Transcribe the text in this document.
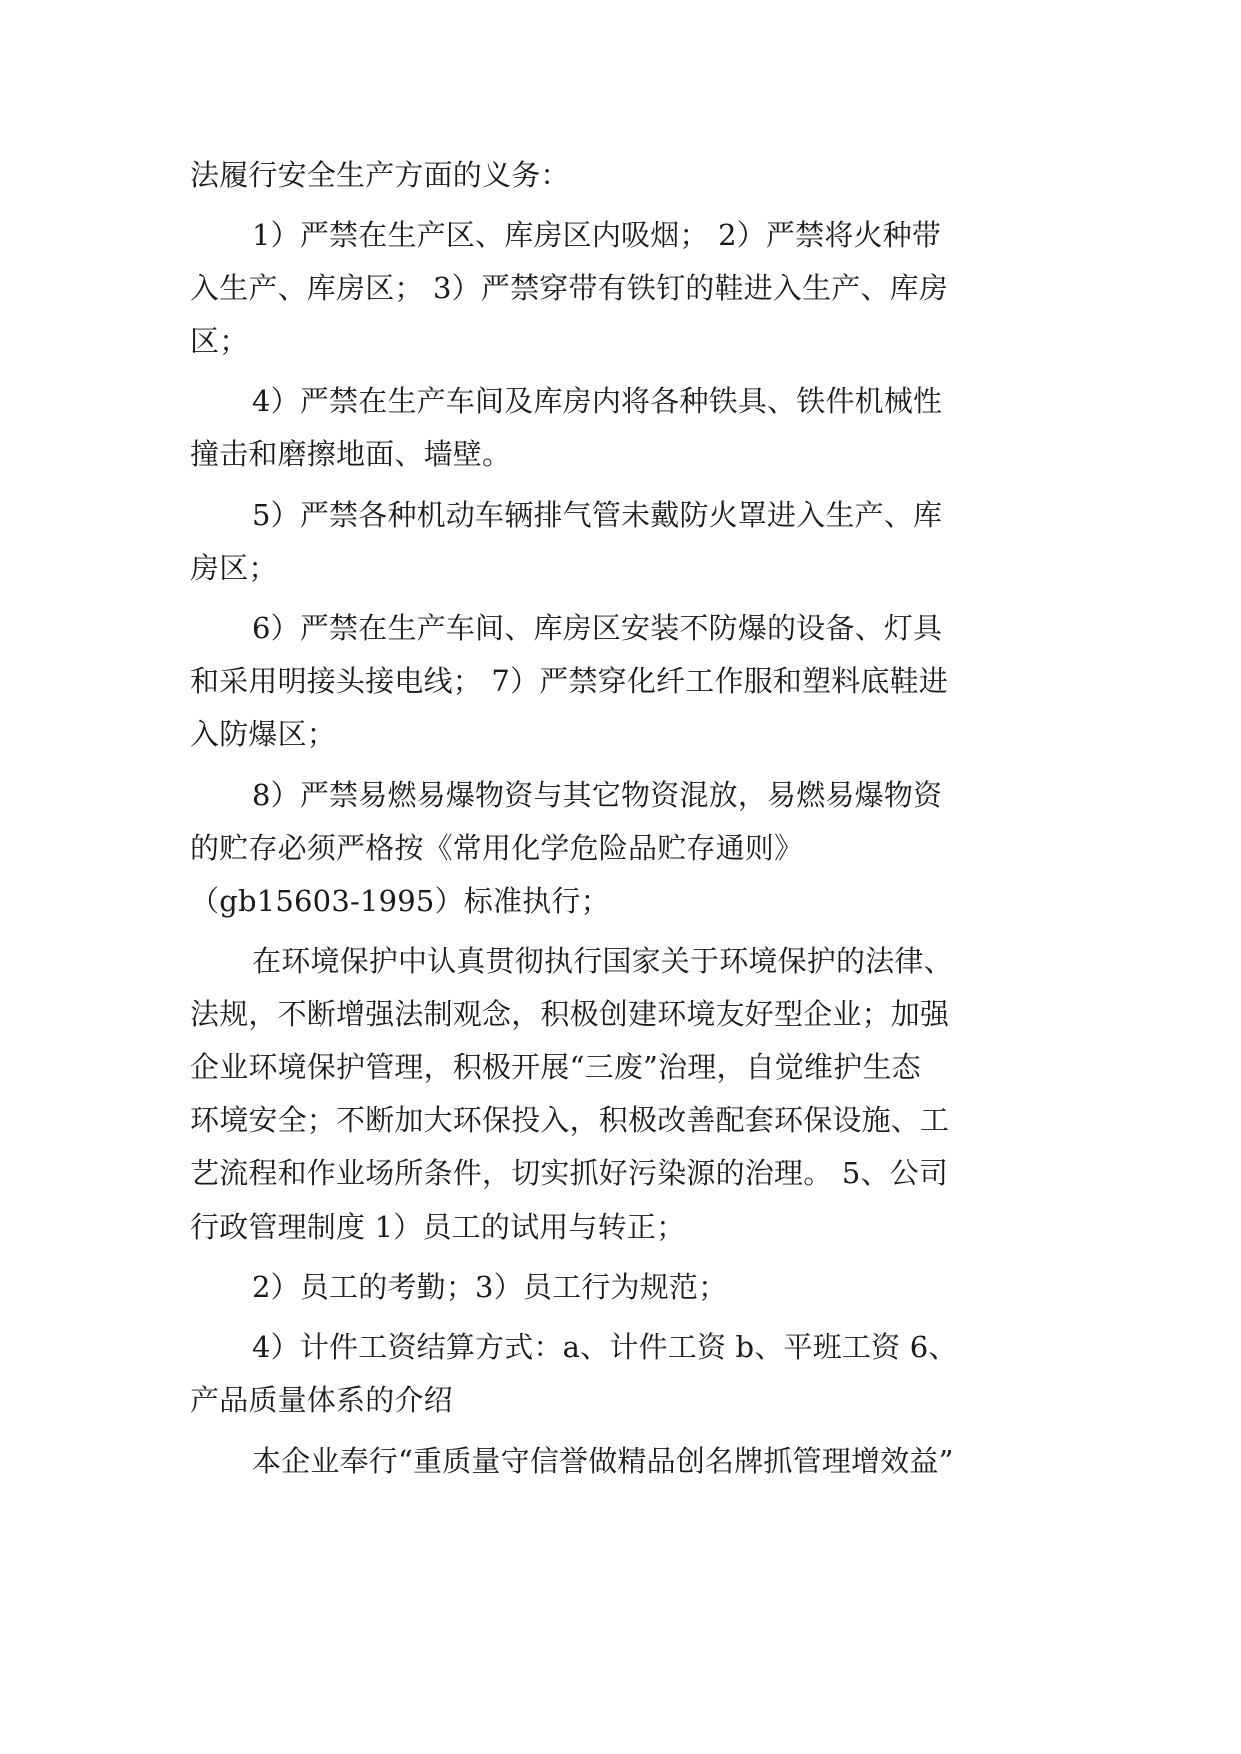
法履行安全生产方面的义务：
1）严禁在生产区、库房区内吸烟； 2）严禁将火种带
入生产、库房区； 3）严禁穿带有铁钉的鞋进入生产、库房
区；
4）严禁在生产车间及库房内将各种铁具、铁件机械性
撞击和磨擦地面、墙壁。
5）严禁各种机动车辆排气管未戴防火罩进入生产、库
房区；
6）严禁在生产车间、库房区安装不防爆的设备、灯具
和采用明接头接电线； 7）严禁穿化纤工作服和塑料底鞋进
入防爆区；
8）严禁易燃易爆物资与其它物资混放，易燃易爆物资
的贮存必须严格按《常用化学危险品贮存通则》
（gb15603-1995）标准执行；
在环境保护中认真贯彻执行国家关于环境保护的法律、
法规，不断增强法制观念，积极创建环境友好型企业；加强
企业环境保护管理，积极开展“三废”治理，自觉维护生态
环境安全；不断加大环保投入，积极改善配套环保设施、工
艺流程和作业场所条件，切实抓好污染源的治理。 5、公司
行政管理制度 1）员工的试用与转正；
2）员工的考勤；3）员工行为规范；
4）计件工资结算方式：a、计件工资 b、平班工资 6、
产品质量体系的介绍
本企业奉行“重质量守信誉做精品创名牌抓管理增效益”
